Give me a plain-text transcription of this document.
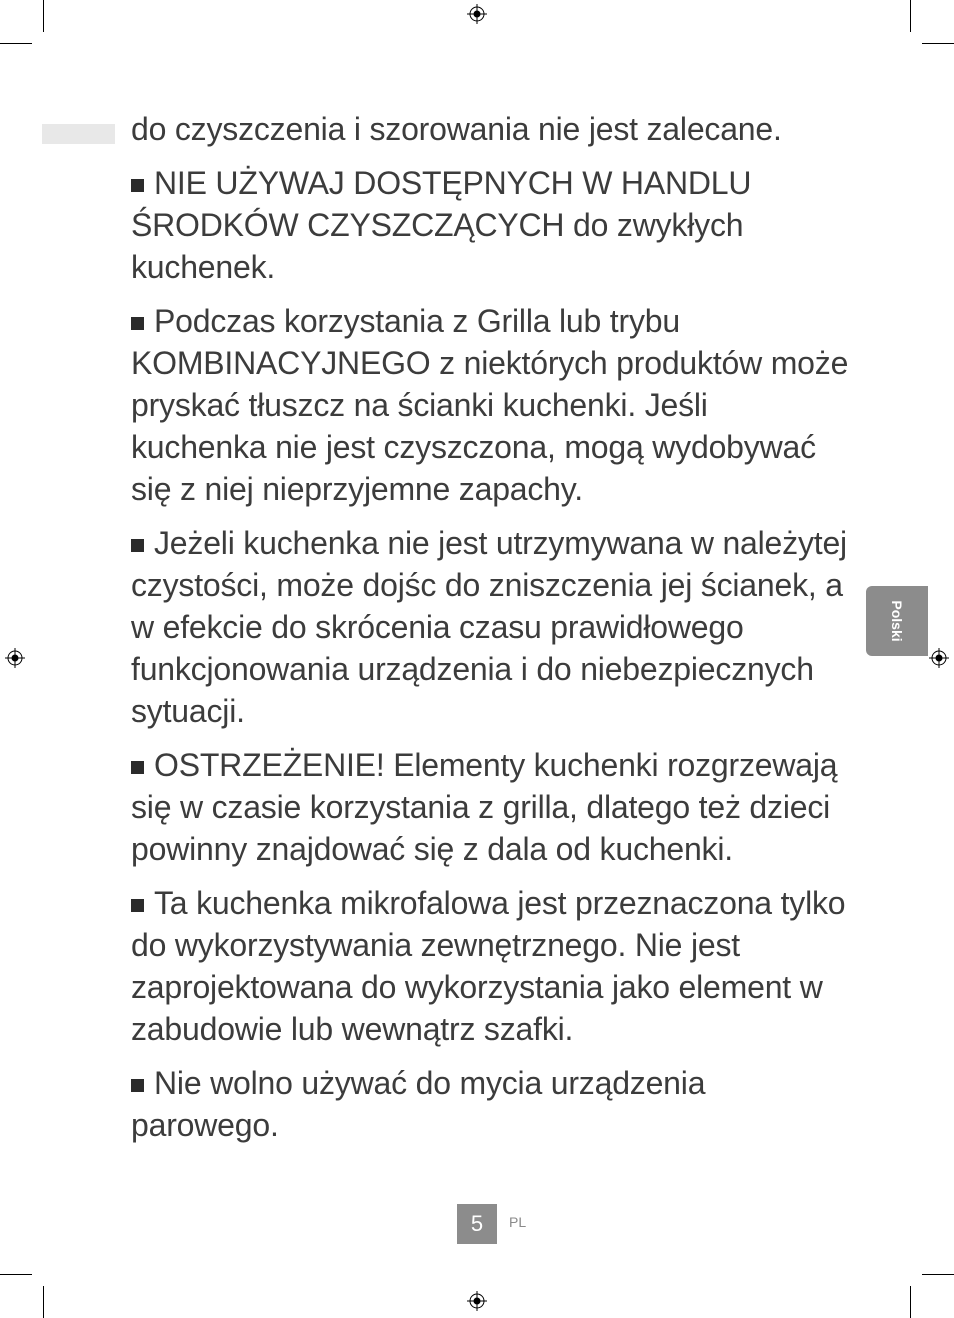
do czyszczenia i szorowania nie jest zalecane.

NIE UŻYWAJ DOSTĘPNYCH W HANDLU ŚRODKÓW CZYSZCZĄCYCH do zwykłych kuchenek.

Podczas korzystania z Grilla lub trybu KOMBINACYJNEGO z niektórych produktów może pryskać tłuszcz na ścianki kuchenki. Jeśli kuchenka nie jest czyszczona, mogą wydobywać się z niej nieprzyjemne zapachy.

Jeżeli kuchenka nie jest utrzymywana w należytej czystości, może dojśc do zniszczenia jej ścianek, a w efekcie do skrócenia czasu prawidłowego funkcjonowania urządzenia i do niebezpiecznych sytuacji.

OSTRZEŻENIE! Elementy kuchenki rozgrzewają się w czasie korzystania z grilla, dlatego też dzieci powinny znajdować się z dala od kuchenki.

Ta kuchenka mikrofalowa jest przeznaczona tylko do wykorzystywania zewnętrznego. Nie jest zaprojektowana do wykorzystania jako element w zabudowie lub wewnątrz szafki.

Nie wolno używać do mycia urządzenia parowego.

Polski
5	PL
